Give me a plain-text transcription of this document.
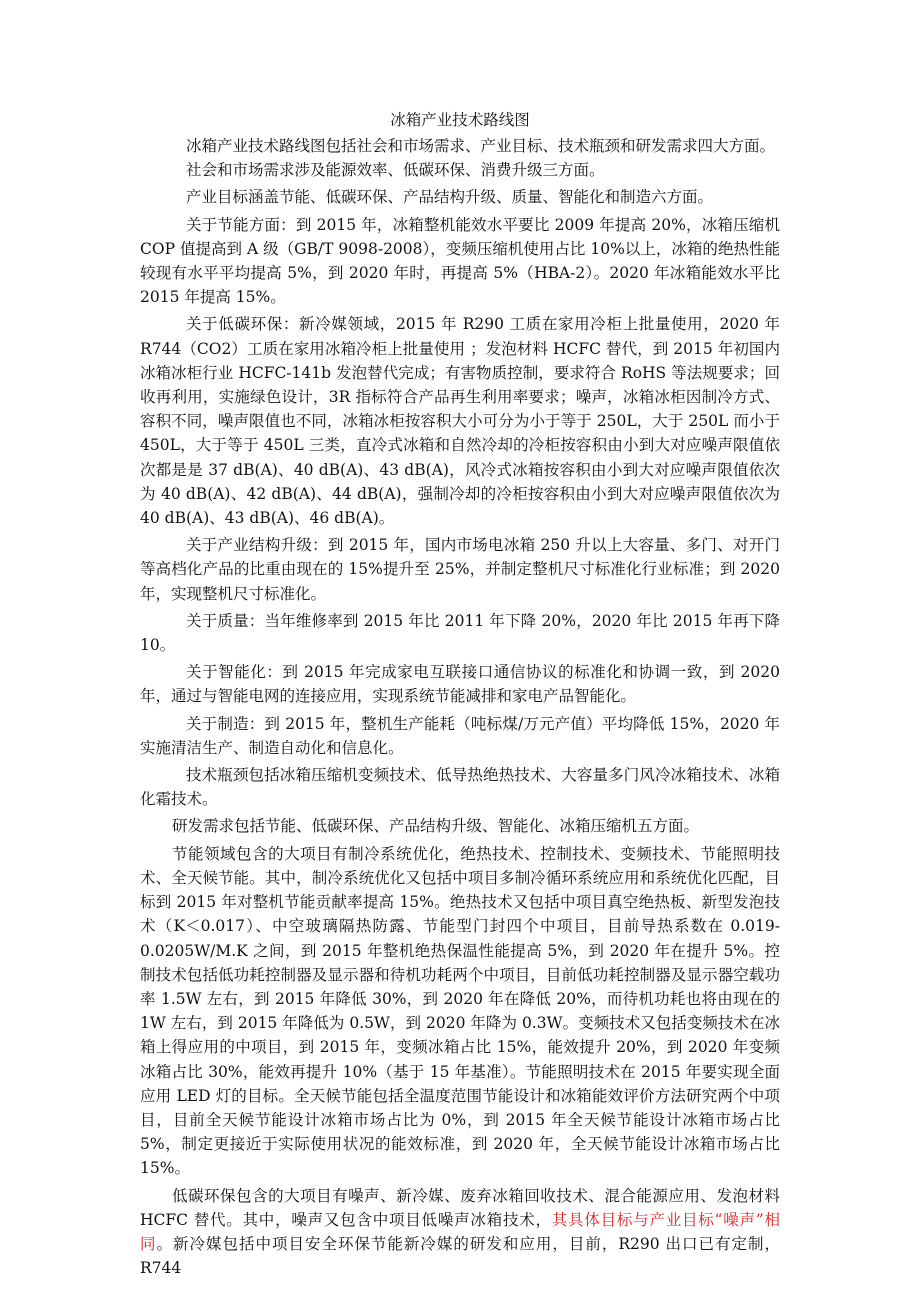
冰箱产业技术路线图

冰箱产业技术路线图包括社会和市场需求、产业目标、技术瓶颈和研发需求四大方面。

社会和市场需求涉及能源效率、低碳环保、消费升级三方面。

产业目标涵盖节能、低碳环保、产品结构升级、质量、智能化和制造六方面。

关于节能方面：到 2015 年，冰箱整机能效水平要比 2009 年提高 20%，冰箱压缩机 COP 值提高到 A 级（GB/T 9098-2008），变频压缩机使用占比 10%以上，冰箱的绝热性能较现有水平平均提高 5%，到 2020 年时，再提高 5%（HBA-2）。2020 年冰箱能效水平比 2015 年提高 15%。

关于低碳环保：新冷媒领域，2015 年 R290 工质在家用冷柜上批量使用，2020 年 R744（CO2）工质在家用冰箱冷柜上批量使用 ；发泡材料 HCFC 替代，到 2015 年初国内冰箱冰柜行业 HCFC-141b 发泡替代完成；有害物质控制，要求符合 RoHS 等法规要求；回收再利用，实施绿色设计，3R 指标符合产品再生利用率要求；噪声，冰箱冰柜因制冷方式、容积不同，噪声限值也不同，冰箱冰柜按容积大小可分为小于等于 250L，大于 250L 而小于 450L，大于等于 450L 三类，直冷式冰箱和自然冷却的冷柜按容积由小到大对应噪声限值依次都是是 37 dB(A)、40 dB(A)、43 dB(A)，风冷式冰箱按容积由小到大对应噪声限值依次为 40 dB(A)、42 dB(A)、44 dB(A)，强制冷却的冷柜按容积由小到大对应噪声限值依次为 40 dB(A)、43 dB(A)、46 dB(A)。

关于产业结构升级：到 2015 年，国内市场电冰箱 250 升以上大容量、多门、对开门等高档化产品的比重由现在的 15%提升至 25%，并制定整机尺寸标准化行业标准；到 2020 年，实现整机尺寸标准化。

关于质量：当年维修率到 2015 年比 2011 年下降 20%，2020 年比 2015 年再下降 10。

关于智能化：到 2015 年完成家电互联接口通信协议的标准化和协调一致，到 2020 年，通过与智能电网的连接应用，实现系统节能减排和家电产品智能化。

关于制造：到 2015 年，整机生产能耗（吨标煤/万元产值）平均降低 15%，2020 年实施清洁生产、制造自动化和信息化。

技术瓶颈包括冰箱压缩机变频技术、低导热绝热技术、大容量多门风冷冰箱技术、冰箱化霜技术。

研发需求包括节能、低碳环保、产品结构升级、智能化、冰箱压缩机五方面。

节能领域包含的大项目有制冷系统优化，绝热技术、控制技术、变频技术、节能照明技术、全天候节能。其中，制冷系统优化又包括中项目多制冷循环系统应用和系统优化匹配，目标到 2015 年对整机节能贡献率提高 15%。绝热技术又包括中项目真空绝热板、新型发泡技术（K＜0.017）、中空玻璃隔热防露、节能型门封四个中项目，目前导热系数在 0.019-0.0205W/M.K 之间，到 2015 年整机绝热保温性能提高 5%，到 2020 年在提升 5%。控制技术包括低功耗控制器及显示器和待机功耗两个中项目，目前低功耗控制器及显示器空载功率 1.5W 左右，到 2015 年降低 30%，到 2020 年在降低 20%，而待机功耗也将由现在的 1W 左右，到 2015 年降低为 0.5W，到 2020 年降为 0.3W。变频技术又包括变频技术在冰箱上得应用的中项目，到 2015 年，变频冰箱占比 15%，能效提升 20%，到 2020 年变频冰箱占比 30%，能效再提升 10%（基于 15 年基准）。节能照明技术在 2015 年要实现全面应用 LED 灯的目标。全天候节能包括全温度范围节能设计和冰箱能效评价方法研究两个中项目，目前全天候节能设计冰箱市场占比为 0%，到 2015 年全天候节能设计冰箱市场占比 5%，制定更接近于实际使用状况的能效标准，到 2020 年，全天候节能设计冰箱市场占比 15%。

低碳环保包含的大项目有噪声、新冷媒、废弃冰箱回收技术、混合能源应用、发泡材料 HCFC 替代。其中，噪声又包含中项目低噪声冰箱技术，其具体目标与产业目标“噪声”相同。新冷媒包括中项目安全环保节能新冷媒的研发和应用，目前，R290 出口已有定制，R744
